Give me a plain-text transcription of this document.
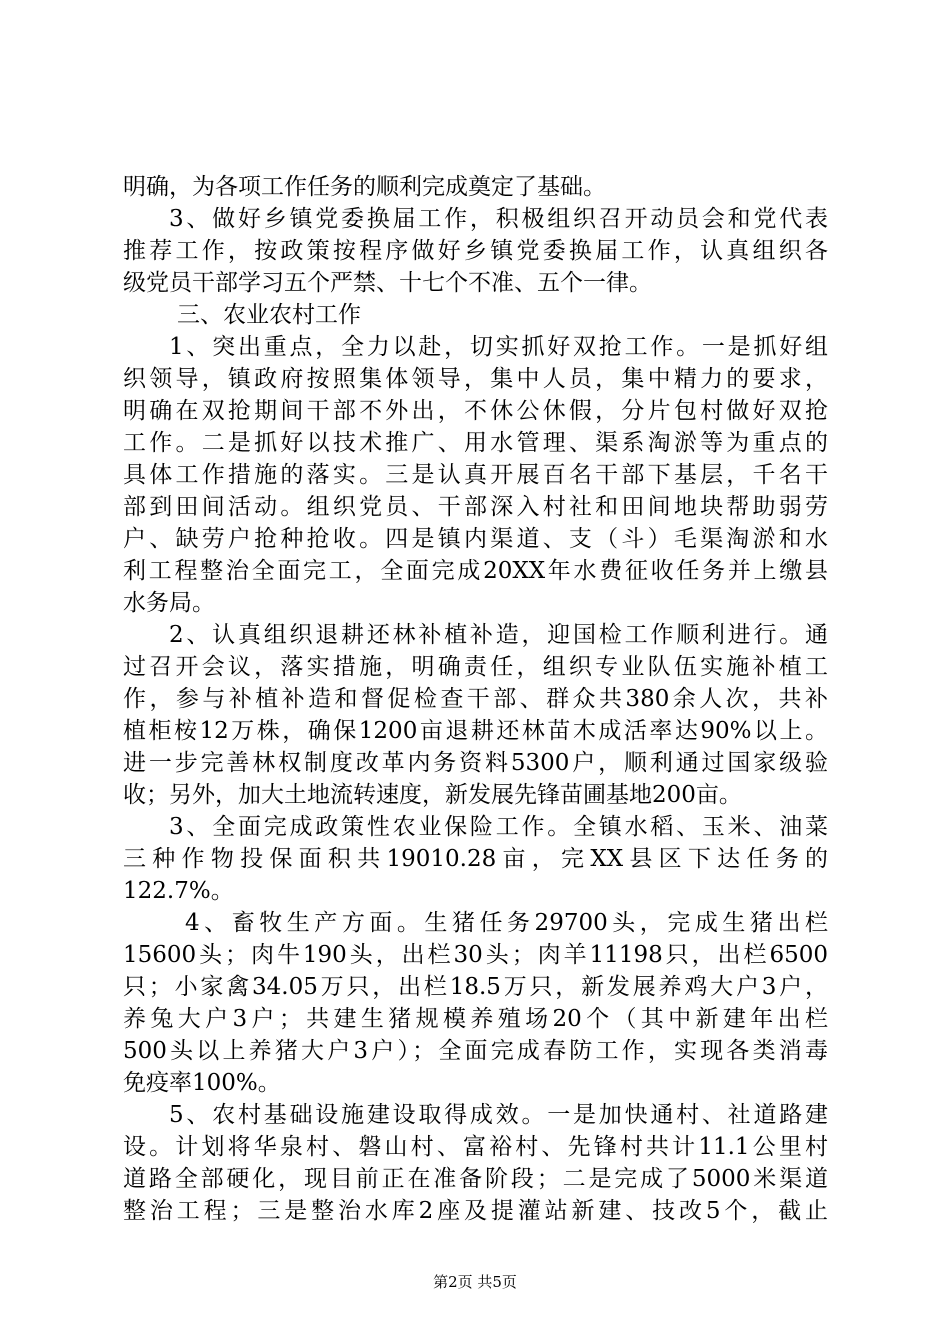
明确，为各项工作任务的顺利完成奠定了基础。
3、做好乡镇党委换届工作，积极组织召开动员会和党代表
推荐工作，按政策按程序做好乡镇党委换届工作，认真组织各
级党员干部学习五个严禁、十七个不准、五个一律。
三、农业农村工作
1、突出重点，全力以赴，切实抓好双抢工作。一是抓好组
织领导，镇政府按照集体领导，集中人员，集中精力的要求，
明确在双抢期间干部不外出，不休公休假，分片包村做好双抢
工作。二是抓好以技术推广、用水管理、渠系淘淤等为重点的
具体工作措施的落实。三是认真开展百名干部下基层，千名干
部到田间活动。组织党员、干部深入村社和田间地块帮助弱劳
户、缺劳户抢种抢收。四是镇内渠道、支（斗）毛渠淘淤和水
利工程整治全面完工，全面完成20XX年水费征收任务并上缴县
水务局。
2、认真组织退耕还林补植补造，迎国检工作顺利进行。通
过召开会议，落实措施，明确责任，组织专业队伍实施补植工
作，参与补植补造和督促检查干部、群众共380余人次，共补
植柜桉12万株，确保1200亩退耕还林苗木成活率达90%以上。
进一步完善林权制度改革内务资料5300户，顺利通过国家级验
收；另外，加大土地流转速度，新发展先锋苗圃基地200亩。
3、全面完成政策性农业保险工作。全镇水稻、玉米、油菜
三种作物投保面积共19010.28亩，完XX县区下达任务的
122.7%。
4、畜牧生产方面。生猪任务29700头，完成生猪出栏
15600头；肉牛190头，出栏30头；肉羊11198只，出栏6500
只；小家禽34.05万只，出栏18.5万只，新发展养鸡大户3户，
养兔大户3户；共建生猪规模养殖场20个（其中新建年出栏
500头以上养猪大户3户）；全面完成春防工作，实现各类消毒
免疫率100%。
5、农村基础设施建设取得成效。一是加快通村、社道路建
设。计划将华泉村、磐山村、富裕村、先锋村共计11.1公里村
道路全部硬化，现目前正在准备阶段；二是完成了5000米渠道
整治工程；三是整治水库2座及提灌站新建、技改5个，截止
第2页 共5页
